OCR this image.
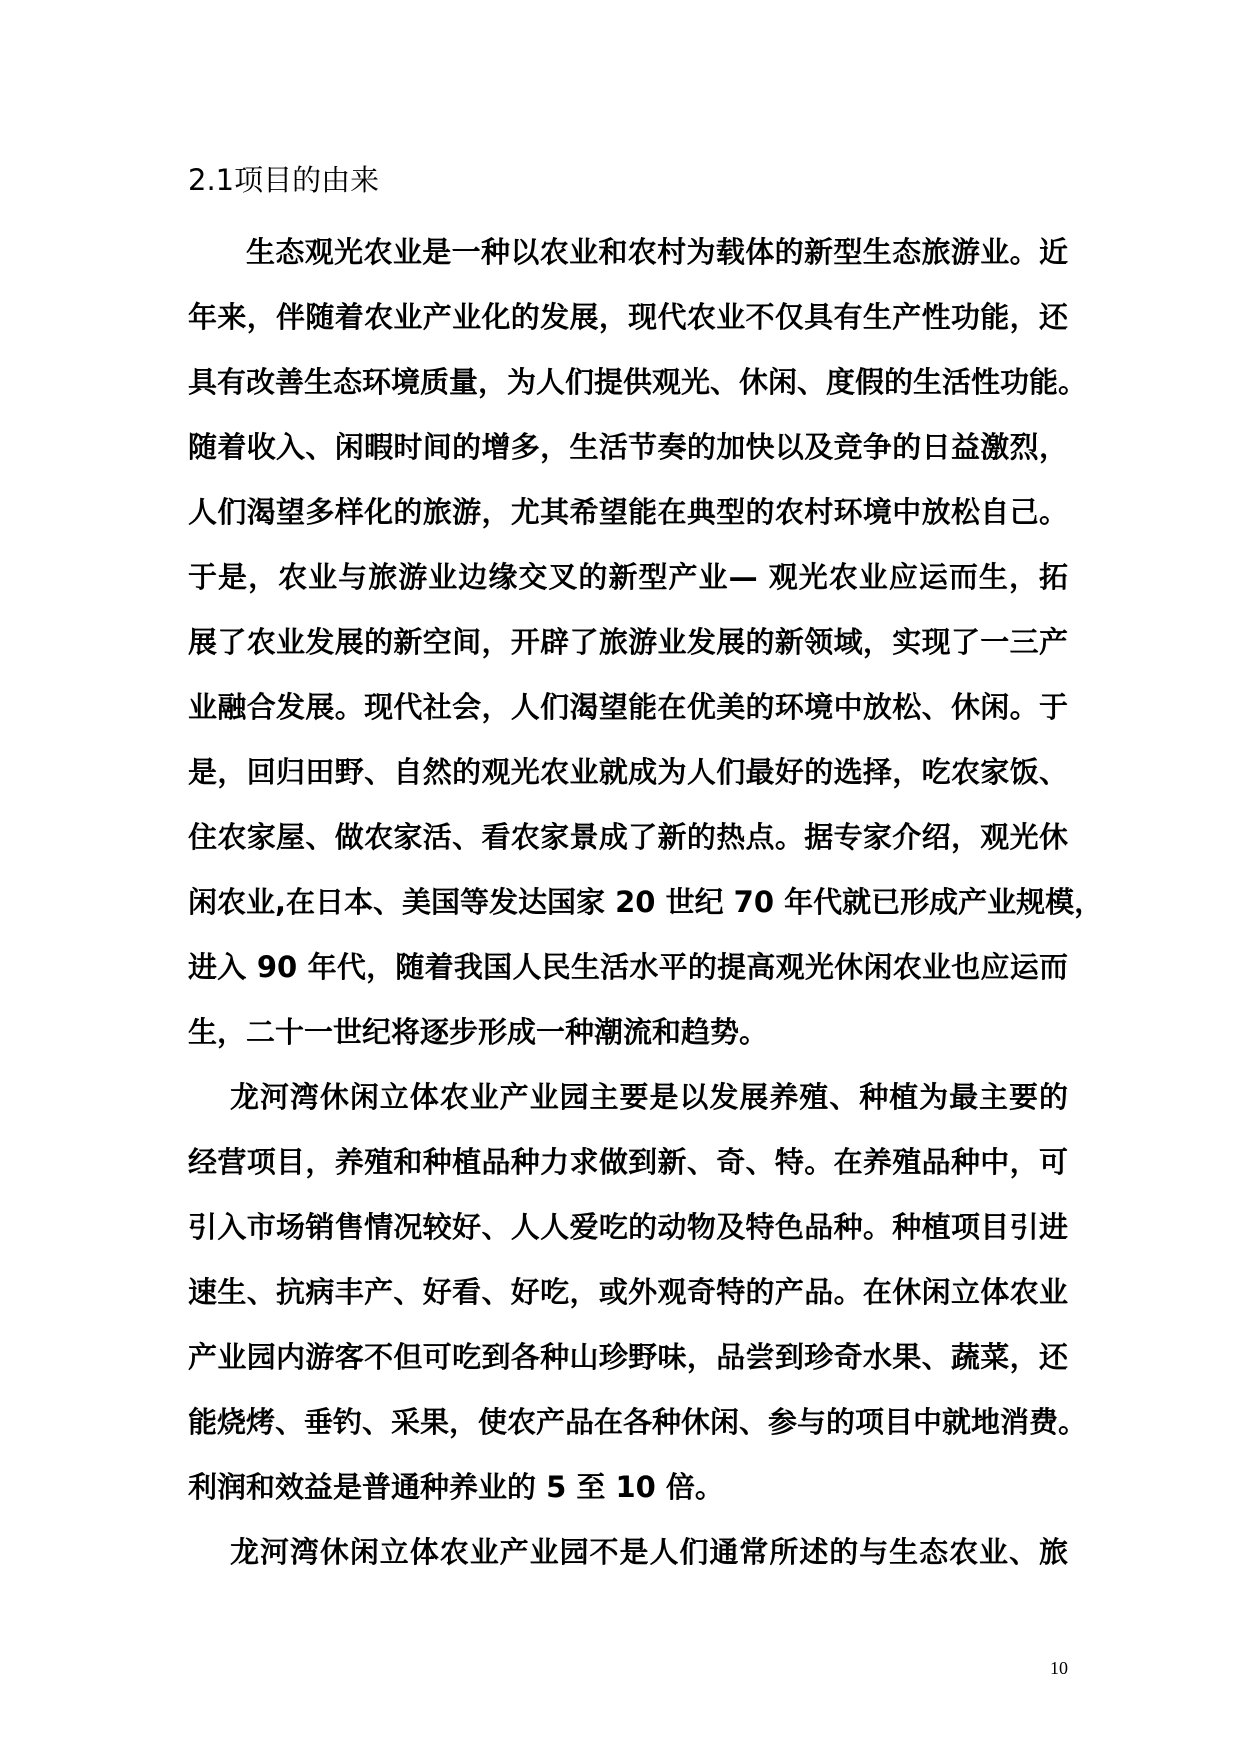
2.1项目的由来
生态观光农业是一种以农业和农村为载体的新型生态旅游业。近
年来，伴随着农业产业化的发展，现代农业不仅具有生产性功能，还
具有改善生态环境质量，为人们提供观光、休闲、度假的生活性功能。
随着收入、闲暇时间的增多，生活节奏的加快以及竞争的日益激烈，
人们渴望多样化的旅游，尤其希望能在典型的农村环境中放松自己。
于是，农业与旅游业边缘交叉的新型产业— 观光农业应运而生，拓
展了农业发展的新空间，开辟了旅游业发展的新领域，实现了一三产
业融合发展。现代社会，人们渴望能在优美的环境中放松、休闲。于
是，回归田野、自然的观光农业就成为人们最好的选择，吃农家饭、
住农家屋、做农家活、看农家景成了新的热点。据专家介绍，观光休
闲农业,在日本、美国等发达国家 20 世纪 70 年代就已形成产业规模，
进入 90 年代，随着我国人民生活水平的提高观光休闲农业也应运而
生，二十一世纪将逐步形成一种潮流和趋势。
龙河湾休闲立体农业产业园主要是以发展养殖、种植为最主要的
经营项目，养殖和种植品种力求做到新、奇、特。在养殖品种中，可
引入市场销售情况较好、人人爱吃的动物及特色品种。种植项目引进
速生、抗病丰产、好看、好吃，或外观奇特的产品。在休闲立体农业
产业园内游客不但可吃到各种山珍野味，品尝到珍奇水果、蔬菜，还
能烧烤、垂钓、采果，使农产品在各种休闲、参与的项目中就地消费。
利润和效益是普通种养业的 5 至 10 倍。
龙河湾休闲立体农业产业园不是人们通常所述的与生态农业、旅
10
